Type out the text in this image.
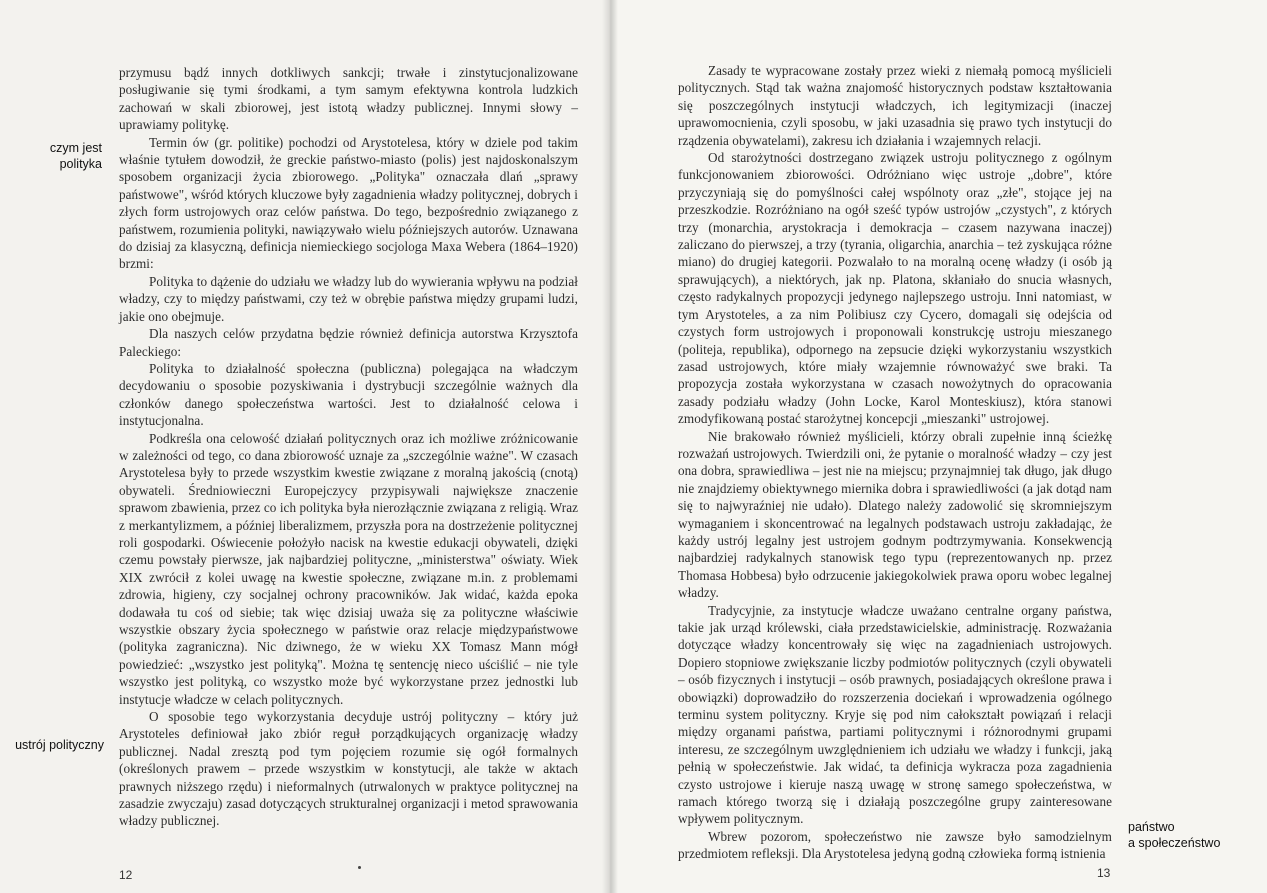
czym jest
polityka
ustrój polityczny

przymusu bądź innych dotkliwych sankcji; trwałe i zinstytucjonalizowane posługiwanie się tymi środkami, a tym samym efektywna kontrola ludzkich zachowań w skali zbiorowej, jest istotą władzy publicznej. Innymi słowy – uprawiamy politykę.

Termin ów (gr. politike) pochodzi od Arystotelesa, który w dziele pod takim właśnie tytułem dowodził, że greckie państwo-miasto (polis) jest najdoskonalszym sposobem organizacji życia zbiorowego. „Polityka" oznaczała dlań „sprawy państwowe", wśród których kluczowe były zagadnienia władzy politycznej, dobrych i złych form ustrojowych oraz celów państwa. Do tego, bezpośrednio związanego z państwem, rozumienia polityki, nawiązywało wielu późniejszych autorów. Uznawana do dzisiaj za klasyczną, definicja niemieckiego socjologa Maxa Webera (1864–1920) brzmi:

Polityka to dążenie do udziału we władzy lub do wywierania wpływu na podział władzy, czy to między państwami, czy też w obrębie państwa między grupami ludzi, jakie ono obejmuje.

Dla naszych celów przydatna będzie również definicja autorstwa Krzysztofa Paleckiego:

Polityka to działalność społeczna (publiczna) polegająca na władczym decydowaniu o sposobie pozyskiwania i dystrybucji szczególnie ważnych dla członków danego społeczeństwa wartości. Jest to działalność celowa i instytucjonalna.

Podkreśla ona celowość działań politycznych oraz ich możliwe zróżnicowanie w zależności od tego, co dana zbiorowość uznaje za „szczególnie ważne". W czasach Arystotelesa były to przede wszystkim kwestie związane z moralną jakością (cnotą) obywateli. Średniowieczni Europejczycy przypisywali największe znaczenie sprawom zbawienia, przez co ich polityka była nierozłącznie związana z religią. Wraz z merkantylizmem, a później liberalizmem, przyszła pora na dostrzeżenie politycznej roli gospodarki. Oświecenie położyło nacisk na kwestie edukacji obywateli, dzięki czemu powstały pierwsze, jak najbardziej polityczne, „ministerstwa" oświaty. Wiek XIX zwrócił z kolei uwagę na kwestie społeczne, związane m.in. z problemami zdrowia, higieny, czy socjalnej ochrony pracowników. Jak widać, każda epoka dodawała tu coś od siebie; tak więc dzisiaj uważa się za polityczne właściwie wszystkie obszary życia społecznego w państwie oraz relacje międzypaństwowe (polityka zagraniczna). Nic dziwnego, że w wieku XX Tomasz Mann mógł powiedzieć: „wszystko jest polityką". Można tę sentencję nieco uściślić – nie tyle wszystko jest polityką, co wszystko może być wykorzystane przez jednostki lub instytucje władcze w celach politycznych.

O sposobie tego wykorzystania decyduje ustrój polityczny – który już Arystoteles definiował jako zbiór reguł porządkujących organizację władzy publicznej. Nadal zresztą pod tym pojęciem rozumie się ogół formalnych (określonych prawem – przede wszystkim w konstytucji, ale także w aktach prawnych niższego rzędu) i nieformalnych (utrwalonych w praktyce politycznej na zasadzie zwyczaju) zasad dotyczących strukturalnej organizacji i metod sprawowania władzy publicznej.

12

Zasady te wypracowane zostały przez wieki z niemałą pomocą myślicieli politycznych. Stąd tak ważna znajomość historycznych podstaw kształtowania się poszczególnych instytucji władczych, ich legitymizacji (inaczej uprawomocnienia, czyli sposobu, w jaki uzasadnia się prawo tych instytucji do rządzenia obywatelami), zakresu ich działania i wzajemnych relacji.

Od starożytności dostrzegano związek ustroju politycznego z ogólnym funkcjonowaniem zbiorowości. Odróżniano więc ustroje „dobre", które przyczyniają się do pomyślności całej wspólnoty oraz „złe", stojące jej na przeszkodzie. Rozróżniano na ogół sześć typów ustrojów „czystych", z których trzy (monarchia, arystokracja i demokracja – czasem nazywana inaczej) zaliczano do pierwszej, a trzy (tyrania, oligarchia, anarchia – też zyskująca różne miano) do drugiej kategorii. Pozwalało to na moralną ocenę władzy (i osób ją sprawujących), a niektórych, jak np. Platona, skłaniało do snucia własnych, często radykalnych propozycji jedynego najlepszego ustroju. Inni natomiast, w tym Arystoteles, a za nim Polibiusz czy Cycero, domagali się odejścia od czystych form ustrojowych i proponowali konstrukcję ustroju mieszanego (politeja, republika), odpornego na zepsucie dzięki wykorzystaniu wszystkich zasad ustrojowych, które miały wzajemnie równoważyć swe braki. Ta propozycja została wykorzystana w czasach nowożytnych do opracowania zasady podziału władzy (John Locke, Karol Monteskiusz), która stanowi zmodyfikowaną postać starożytnej koncepcji „mieszanki" ustrojowej.

Nie brakowało również myślicieli, którzy obrali zupełnie inną ścieżkę rozważań ustrojowych. Twierdzili oni, że pytanie o moralność władzy – czy jest ona dobra, sprawiedliwa – jest nie na miejscu; przynajmniej tak długo, jak długo nie znajdziemy obiektywnego miernika dobra i sprawiedliwości (a jak dotąd nam się to najwyraźniej nie udało). Dlatego należy zadowolić się skromniejszym wymaganiem i skoncentrować na legalnych podstawach ustroju zakładając, że każdy ustrój legalny jest ustrojem godnym podtrzymywania. Konsekwencją najbardziej radykalnych stanowisk tego typu (reprezentowanych np. przez Thomasa Hobbesa) było odrzucenie jakiegokolwiek prawa oporu wobec legalnej władzy.

Tradycyjnie, za instytucje władcze uważano centralne organy państwa, takie jak urząd królewski, ciała przedstawicielskie, administrację. Rozważania dotyczące władzy koncentrowały się więc na zagadnieniach ustrojowych. Dopiero stopniowe zwiększanie liczby podmiotów politycznych (czyli obywateli – osób fizycznych i instytucji – osób prawnych, posiadających określone prawa i obowiązki) doprowadziło do rozszerzenia dociekań i wprowadzenia ogólnego terminu system polityczny. Kryje się pod nim całokształt powiązań i relacji między organami państwa, partiami politycznymi i różnorodnymi grupami interesu, ze szczególnym uwzględnieniem ich udziału we władzy i funkcji, jaką pełnią w społeczeństwie. Jak widać, ta definicja wykracza poza zagadnienia czysto ustrojowe i kieruje naszą uwagę w stronę samego społeczeństwa, w ramach którego tworzą się i działają poszczególne grupy zainteresowane wpływem politycznym.

Wbrew pozorom, społeczeństwo nie zawsze było samodzielnym przedmiotem refleksji. Dla Arystotelesa jedyną godną człowieka formą istnienia

państwo
a społeczeństwo
13
